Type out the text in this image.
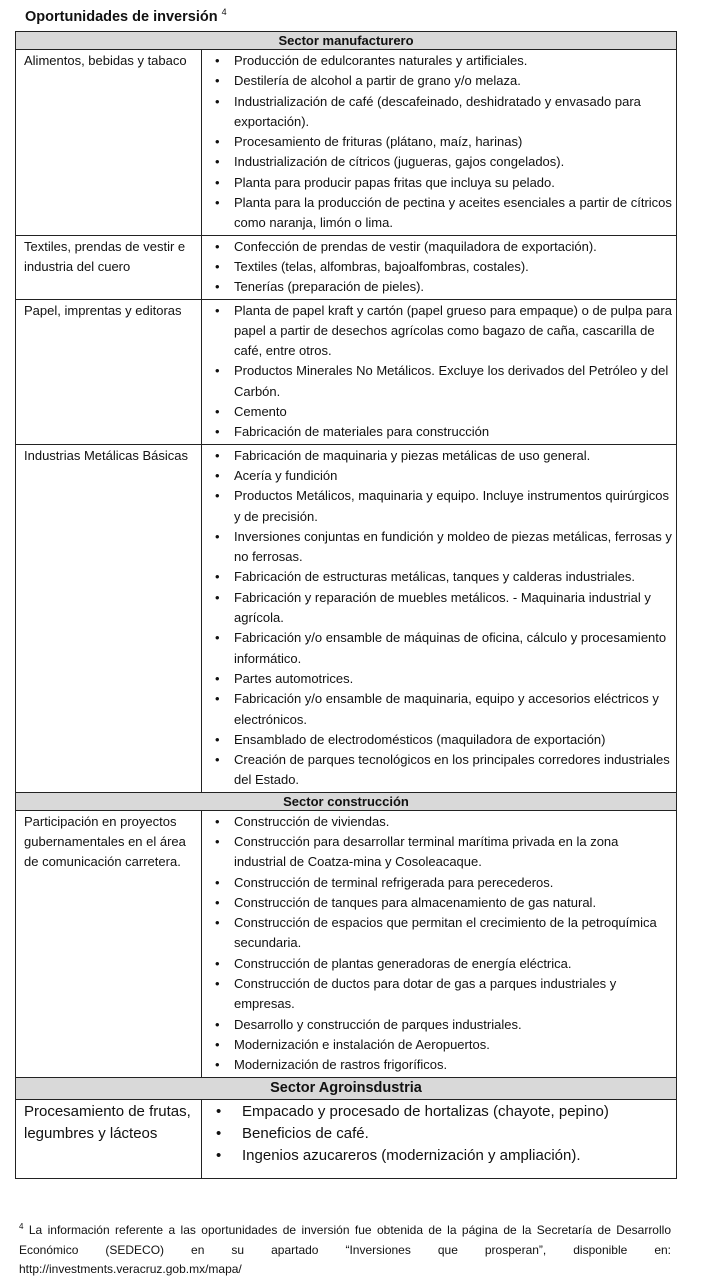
Oportunidades de inversión $^4$
Sector manufacturero	
Alimentos, bebidas y tabaco	
•Producción de edulcorantes naturales y artificiales.
• Destilería de alcohol a partir de grano y/o melaza.
• Industrialización de café (descafeinado, deshidratado y envasado para exportación).
• Procesamiento de frituras (plátano, maíz, harinas)
• Industrialización de cítricos (jugueras, gajos congelados).
• Planta para producir papas fritas que incluya su pelado.
• Planta para la producción de pectina y aceites esenciales a partir de cítricos como naranja, limón o lima.

Textiles, prendas de vestir e industria del cuero	
• Confección de prendas de vestir (maquiladora de exportación).
• Textiles (telas, alfombras, bajoalfombras, costales).
• Tenerías (preparación de pieles).

Papel, imprentas y editoras	
•Planta de papel kraft y cartón (papel grueso para empaque) o de pulpa para papel a partir de desechos agrícolas como bagazo de caña, cascarilla de café, entre otros.
• Productos Minerales No Metálicos. Excluye los derivados del Petróleo y del Carbón.
• Cemento
• Fabricación de materiales para construcción

Industrias Metálicas Básicas	
•Fabricación de maquinaria y piezas metálicas de uso general.
• Acería y fundición
• Productos Metálicos, maquinaria y equipo. Incluye instrumentos quirúrgicos y de precisión.
• Inversiones conjuntas en fundición y moldeo de piezas metálicas, ferrosas y no ferrosas.
• Fabricación de estructuras metálicas, tanques y calderas industriales.
• Fabricación y reparación de muebles metálicos. - Maquinaria industrial y agrícola.
• Fabricación y/o ensamble de máquinas de oficina, cálculo y procesamiento informático.
• Partes automotrices.
• Fabricación y/o ensamble de maquinaria, equipo y accesorios eléctricos y electrónicos.
• Ensamblado de electrodomésticos (maquiladora de exportación)
• Creación de parques tecnológicos en los principales corredores industriales del Estado.

Sector construcción	
Participación en proyectos gubernamentales en el área de comunicación carretera.	
• Construcción de viviendas.
• Construcción para desarrollar terminal marítima privada en la zona industrial de Coatza-mina y Cosoleacaque.
• Construcción de terminal refrigerada para perecederos.
• Construcción de tanques para almacenamiento de gas natural.
• Construcción de espacios que permitan el crecimiento de la petroquímica secundaria.
• Construcción de plantas generadoras de energía eléctrica.
• Construcción de ductos para dotar de gas a parques industriales y empresas.
• Desarrollo y construcción de parques industriales.
• Modernización e instalación de Aeropuertos.
• Modernización de rastros frigoríficos.

Sector Agroinsdustria	
Procesamiento de frutas, legumbres y lácteos	
• Empacado y procesado de hortalizas (chayote, pepino)
• Beneficios de café.
• Ingenios azucareros (modernización y ampliación).
$^4$ La información referente a las oportunidades de inversión fue obtenida de la página de la Secretaría de Desarrollo Económico (SEDECO) en su apartado “Inversiones que prosperan”, disponible en: http://investments.veracruz.gob.mx/mapa/
